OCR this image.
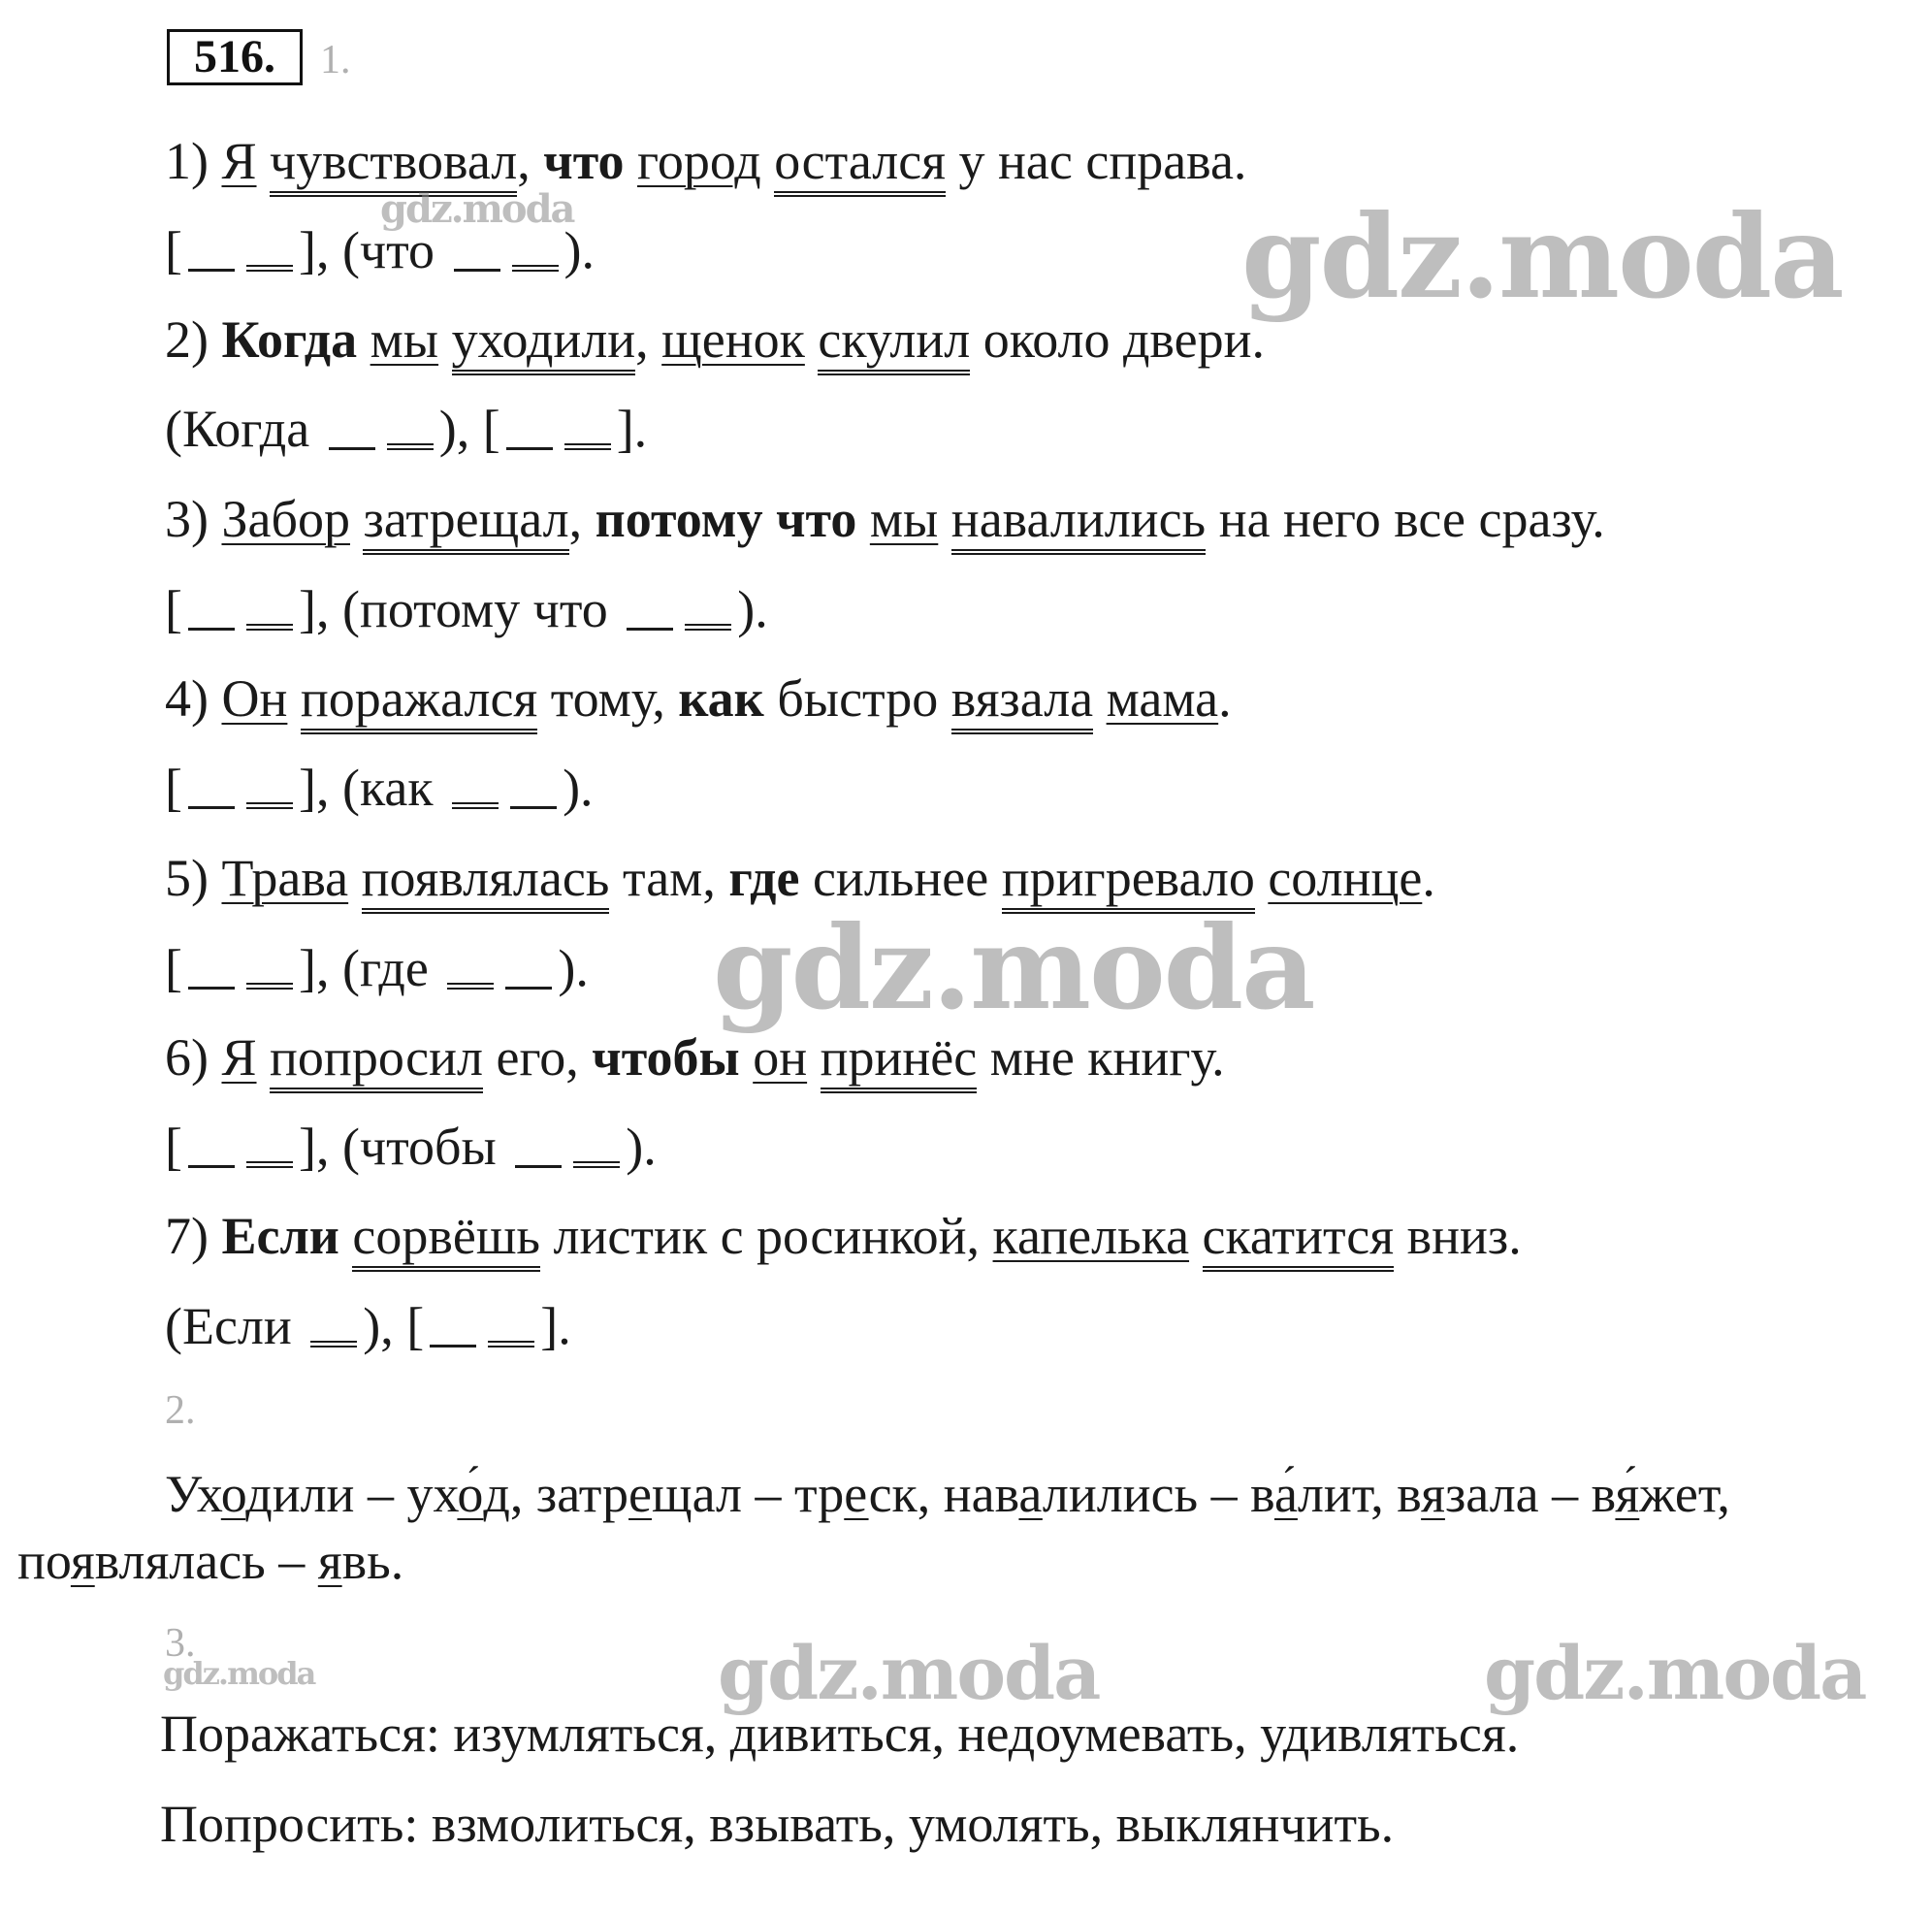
516.	1.
1) Я чувствовал, что город остался у нас справа.
[ ], (что ).
2) Когда мы уходили, щенок скулил около двери.
(Когда ), [ ].
3) Забор затрещал, потому что мы навалились на него все сразу.
[ ], (потому что ).
4) Он поражался тому, как быстро вязала мама.
[ ], (как ).
5) Трава появлялась там, где сильнее пригревало солнце.
[ ], (где ).
6) Я попросил его, чтобы он принёс мне книгу.
[ ], (чтобы ).
7) Если сорвёшь листик с росинкой, капелька скатится вниз.
(Если ), [ ].
2.
Уходили – ухо ´д, затрещал – треск, навалились – ва ´лит, вязала – вя ´жет,
появлялась – явь.
3.
Поражаться: изумляться, дивиться, недоумевать, удивляться.
Попросить: взмолиться, взывать, умолять, выклянчить.
gdz.moda	gdz.moda
gdz.moda
gdz.moda	gdz.moda	gdz.moda
